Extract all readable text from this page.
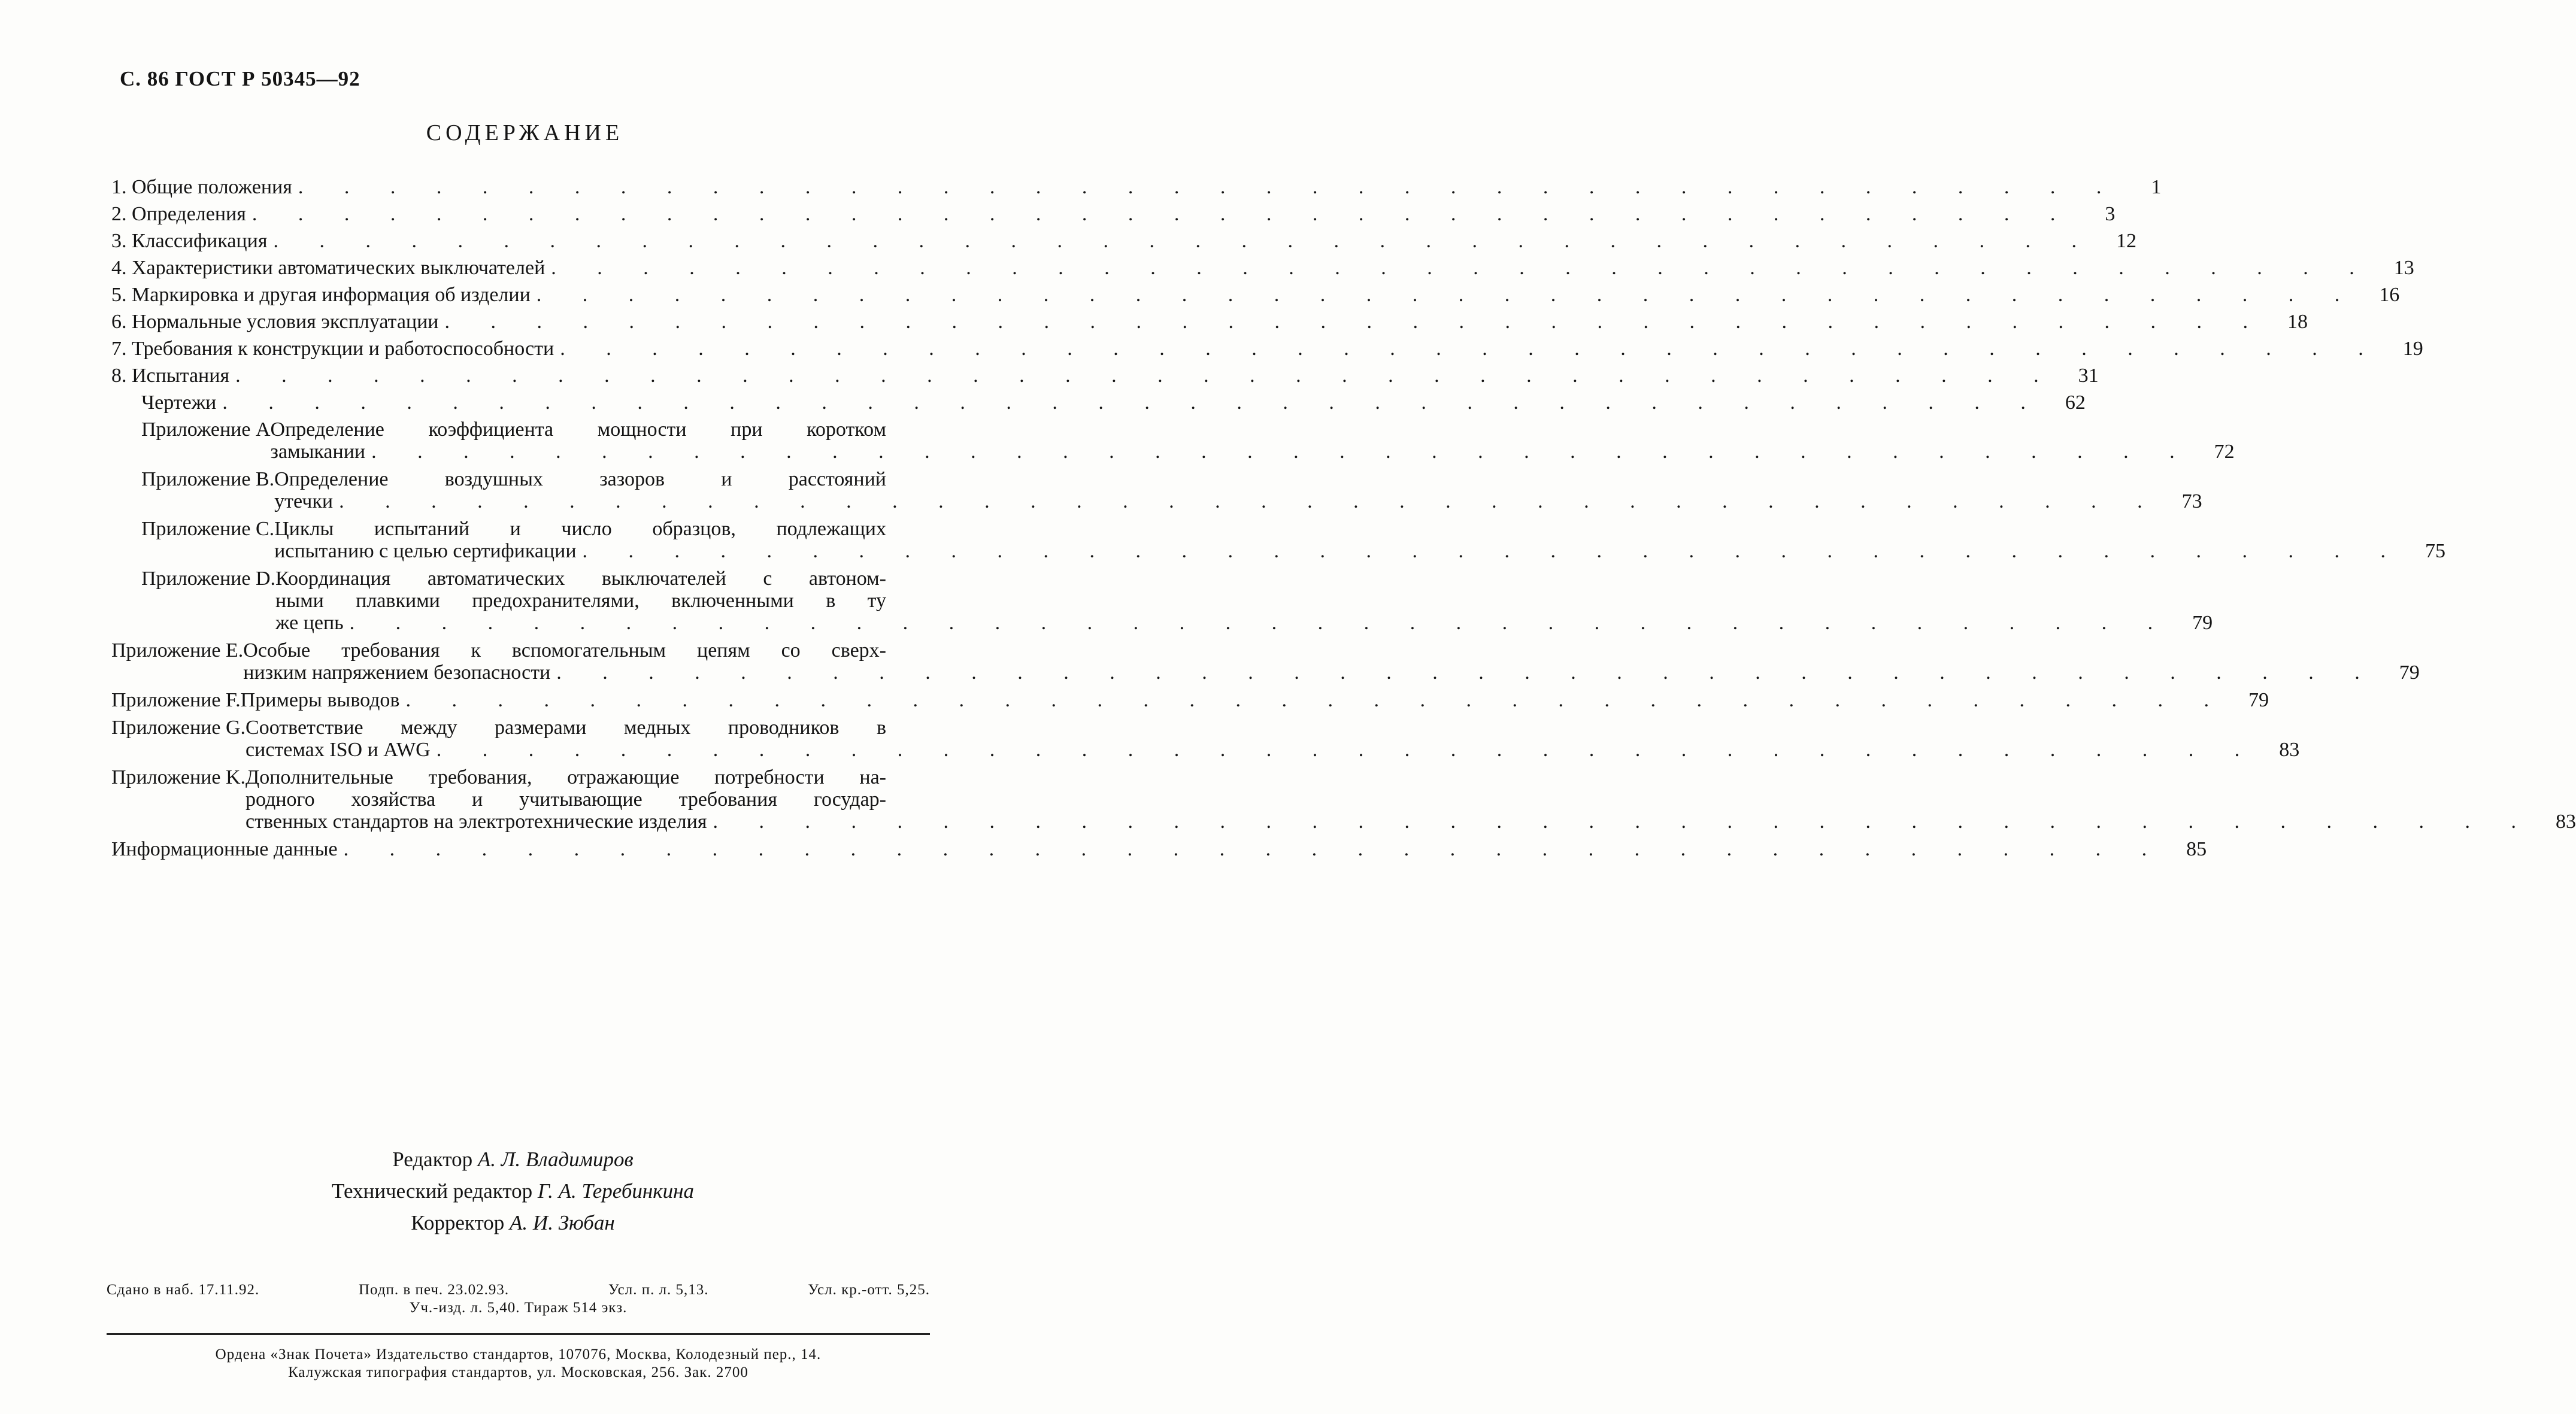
С. 86 ГОСТ Р 50345—92
СОДЕРЖАНИЕ
1. Общие положения . . . . . . . . . . . . . . . . . . . . . . . . . . . . . . . . . . . . . . . .	1
2. Определения . . . . . . . . . . . . . . . . . . . . . . . . . . . . . . . . . . . . . . . .	3
3. Классификация . . . . . . . . . . . . . . . . . . . . . . . . . . . . . . . . . . . . . . . .	12
4. Характеристики автоматических выключателей . . . . . . . . . . . . . . . . . . . . . . . . . . . . . . . . . . . . . . . .	13
5. Маркировка и другая информация об изделии . . . . . . . . . . . . . . . . . . . . . . . . . . . . . . . . . . . . . . . .	16
6. Нормальные условия эксплуатации . . . . . . . . . . . . . . . . . . . . . . . . . . . . . . . . . . . . . . . .	18
7. Требования к конструкции и работоспособности . . . . . . . . . . . . . . . . . . . . . . . . . . . . . . . . . . . . . . . .	19
8. Испытания . . . . . . . . . . . . . . . . . . . . . . . . . . . . . . . . . . . . . . . .	31
Чертежи . . . . . . . . . . . . . . . . . . . . . . . . . . . . . . . . . . . . . . . .	62
Приложение A Определение коэффициента мощности при коротком
замыкании . . . . . . . . . . . . . . . . . . . . . . . . . . . . . . . . . . . . . . . .	72
Приложение B. Определение воздушных зазоров и расстояний
утечки . . . . . . . . . . . . . . . . . . . . . . . . . . . . . . . . . . . . . . . .	73
Приложение C. Циклы испытаний и число образцов, подлежащих
испытанию с целью сертификации . . . . . . . . . . . . . . . . . . . . . . . . . . . . . . . . . . . . . . . .	75
Приложение D. Координация автоматических выключателей с автоном-
ными плавкими предохранителями, включенными в ту
же цепь . . . . . . . . . . . . . . . . . . . . . . . . . . . . . . . . . . . . . . . .	79
Приложение E. Особые требования к вспомогательным цепям со сверх-
низким напряжением безопасности . . . . . . . . . . . . . . . . . . . . . . . . . . . . . . . . . . . . . . . .	79
Приложение F. Примеры выводов . . . . . . . . . . . . . . . . . . . . . . . . . . . . . . . . . . . . . . . .	79
Приложение G. Соответствие между размерами медных проводников в
системах ISO и AWG . . . . . . . . . . . . . . . . . . . . . . . . . . . . . . . . . . . . . . . .	83
Приложение K. Дополнительные требования, отражающие потребности на-
родного хозяйства и учитывающие требования государ-
ственных стандартов на электротехнические изделия . . . . . . . . . . . . . . . . . . . . . . . . . . . . . . . . . . . . . . . .	83
Информационные данные . . . . . . . . . . . . . . . . . . . . . . . . . . . . . . . . . . . . . . . .	85
Редактор А. Л. Владимиров
Технический редактор Г. А. Теребинкина
Корректор А. И. Зюбан
Сдано в наб. 17.11.92.	Подп. в печ. 23.02.93.	Усл. п. л. 5,13.	Усл. кр.-отт. 5,25.
Уч.-изд. л. 5,40. Тираж 514 экз.
Ордена «Знак Почета» Издательство стандартов, 107076, Москва, Колодезный пер., 14.
Калужская типография стандартов, ул. Московская, 256. Зак. 2700
